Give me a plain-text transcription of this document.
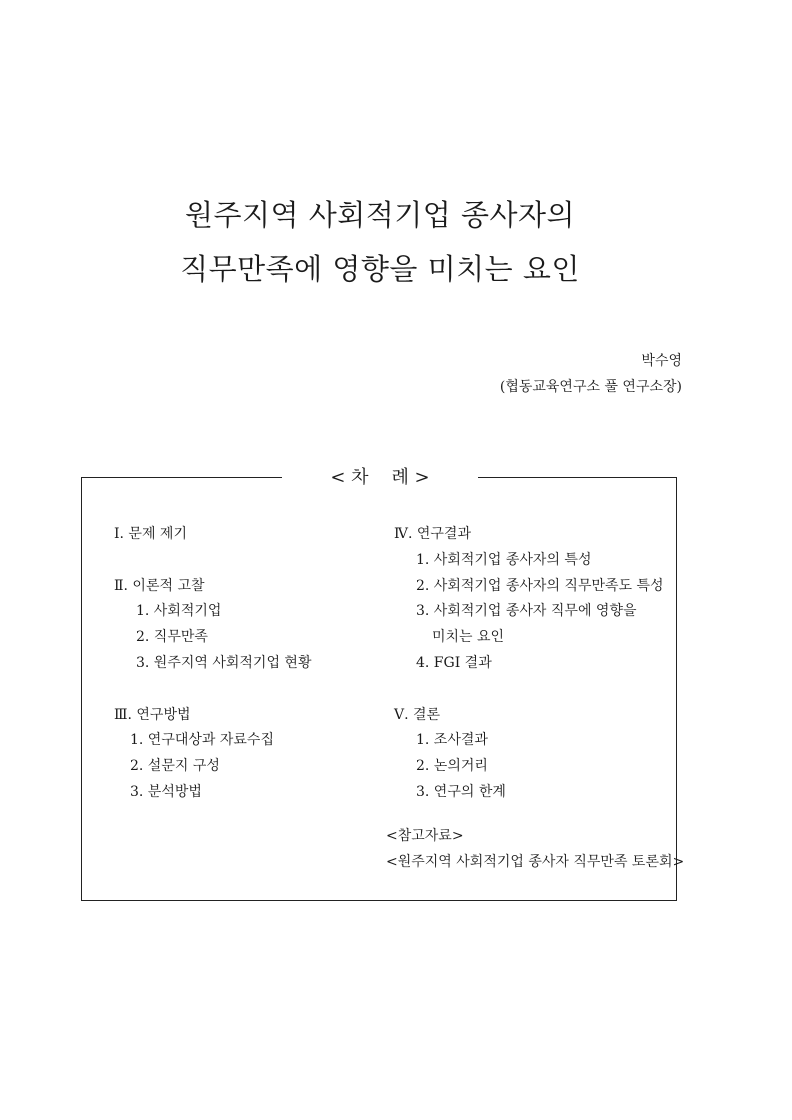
원주지역 사회적기업 종사자의
직무만족에 영향을 미치는 요인
박수영
(협동교육연구소 풀 연구소장)
< 차    례 >
Ⅰ. 문제 제기
Ⅱ. 이론적 고찰
1. 사회적기업
2. 직무만족
3. 원주지역 사회적기업 현황
Ⅲ. 연구방법
1. 연구대상과 자료수집
2. 설문지 구성
3. 분석방법
Ⅳ. 연구결과
1. 사회적기업 종사자의 특성
2. 사회적기업 종사자의 직무만족도 특성
3. 사회적기업 종사자 직무에 영향을
미치는 요인
4. FGI 결과
Ⅴ. 결론
1. 조사결과
2. 논의거리
3. 연구의 한계
<참고자료>
<원주지역 사회적기업 종사자 직무만족 토론회>
